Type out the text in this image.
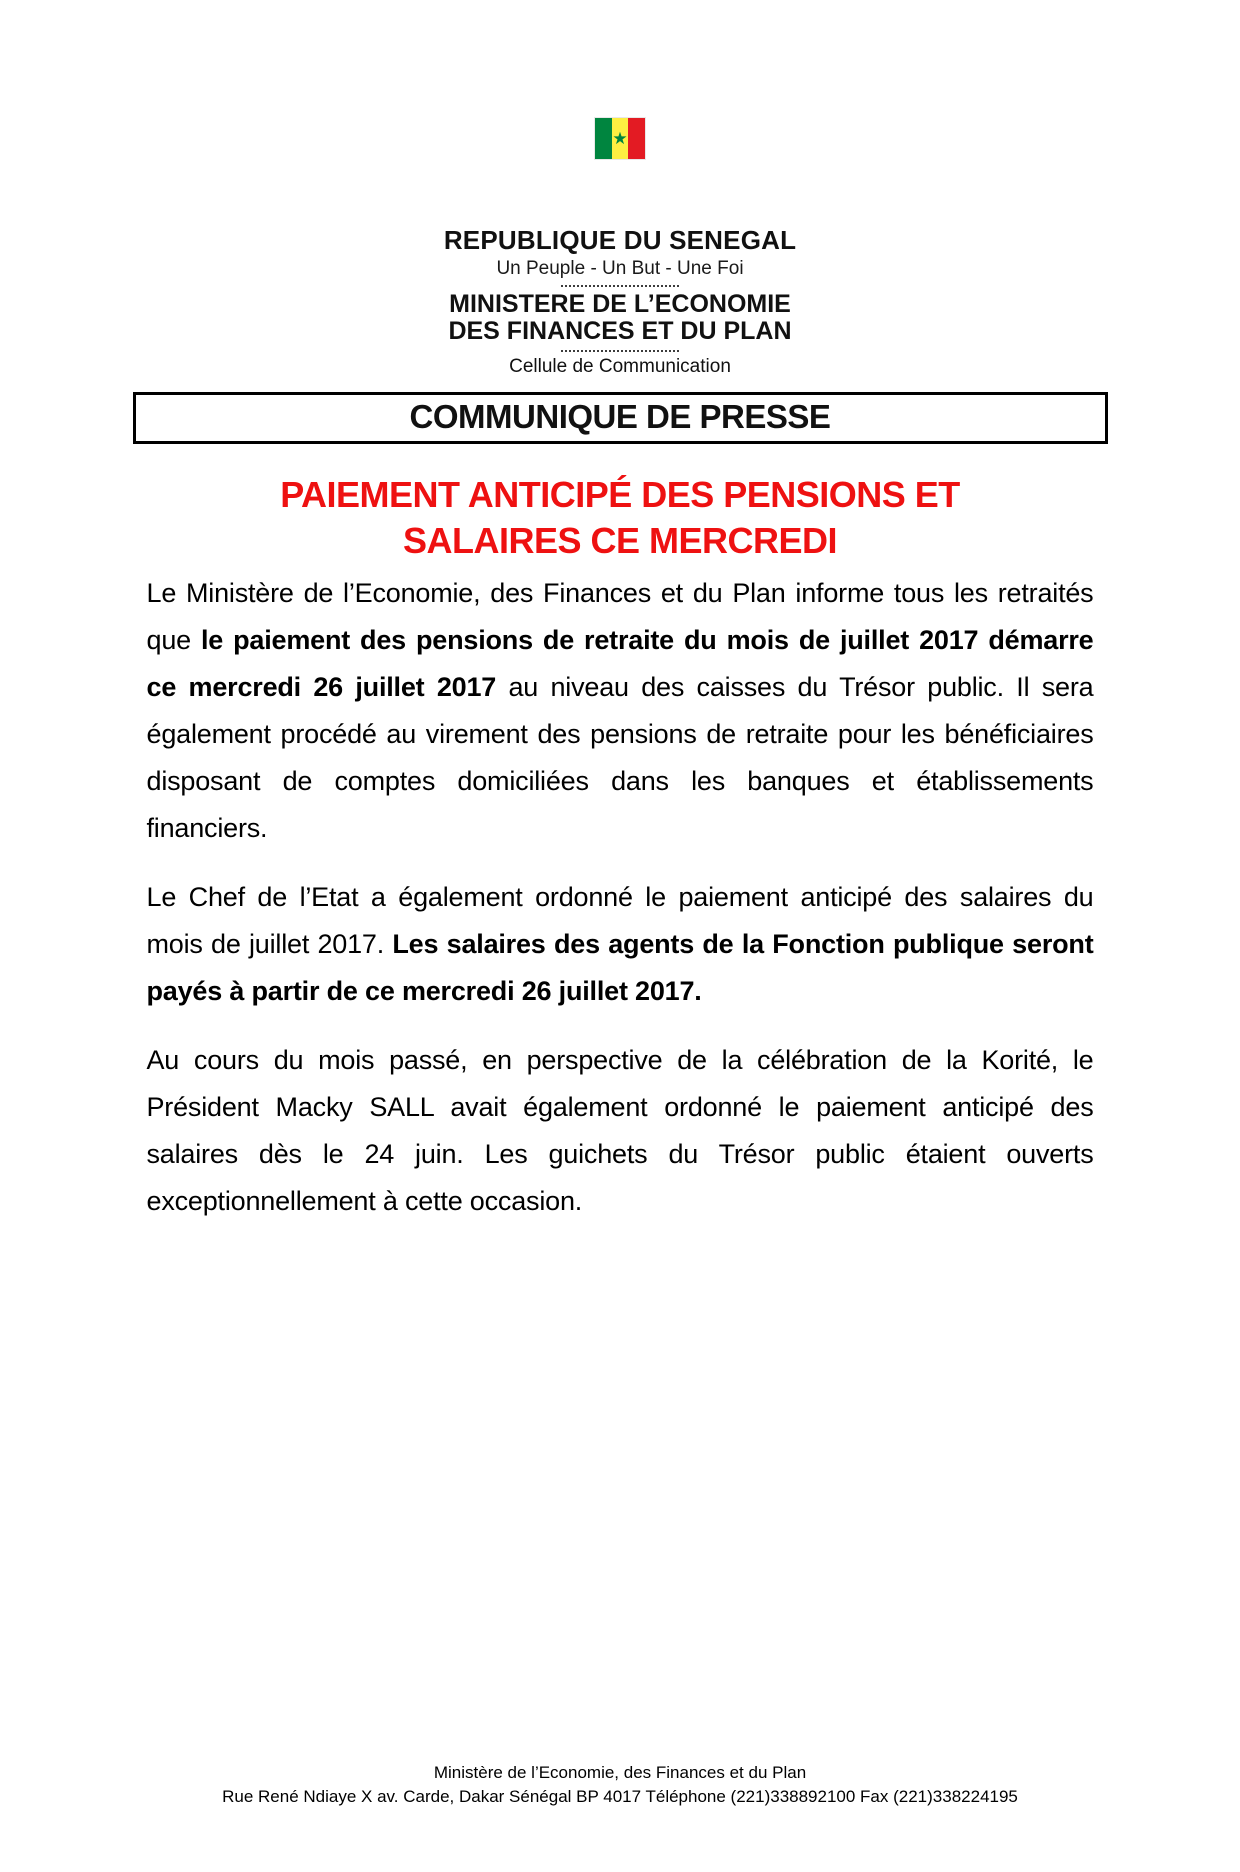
★
REPUBLIQUE DU SENEGAL
Un Peuple - Un But - Une Foi
MINISTERE DE L’ECONOMIE
DES FINANCES ET DU PLAN
Cellule de Communication
COMMUNIQUE DE PRESSE
PAIEMENT ANTICIPÉ DES PENSIONS ET
SALAIRES CE MERCREDI

Le Ministère de l’Economie, des Finances et du Plan informe tous les retraités que le paiement des pensions de retraite du mois de juillet 2017 démarre ce mercredi 26 juillet 2017 au niveau des caisses du Trésor public. Il sera également procédé au virement des pensions de retraite pour les bénéficiaires disposant de comptes domiciliées dans les banques et établissements financiers.

Le Chef de l’Etat a également ordonné le paiement anticipé des salaires du mois de juillet 2017. Les salaires des agents de la Fonction publique seront payés à partir de ce mercredi 26 juillet 2017.

Au cours du mois passé, en perspective de la célébration de la Korité, le Président Macky SALL avait également ordonné le paiement anticipé des salaires dès le 24 juin. Les guichets du Trésor public étaient ouverts exceptionnellement à cette occasion.

Ministère de l’Economie, des Finances et du Plan
Rue René Ndiaye X av. Carde, Dakar Sénégal BP 4017 Téléphone (221)338892100 Fax (221)338224195
